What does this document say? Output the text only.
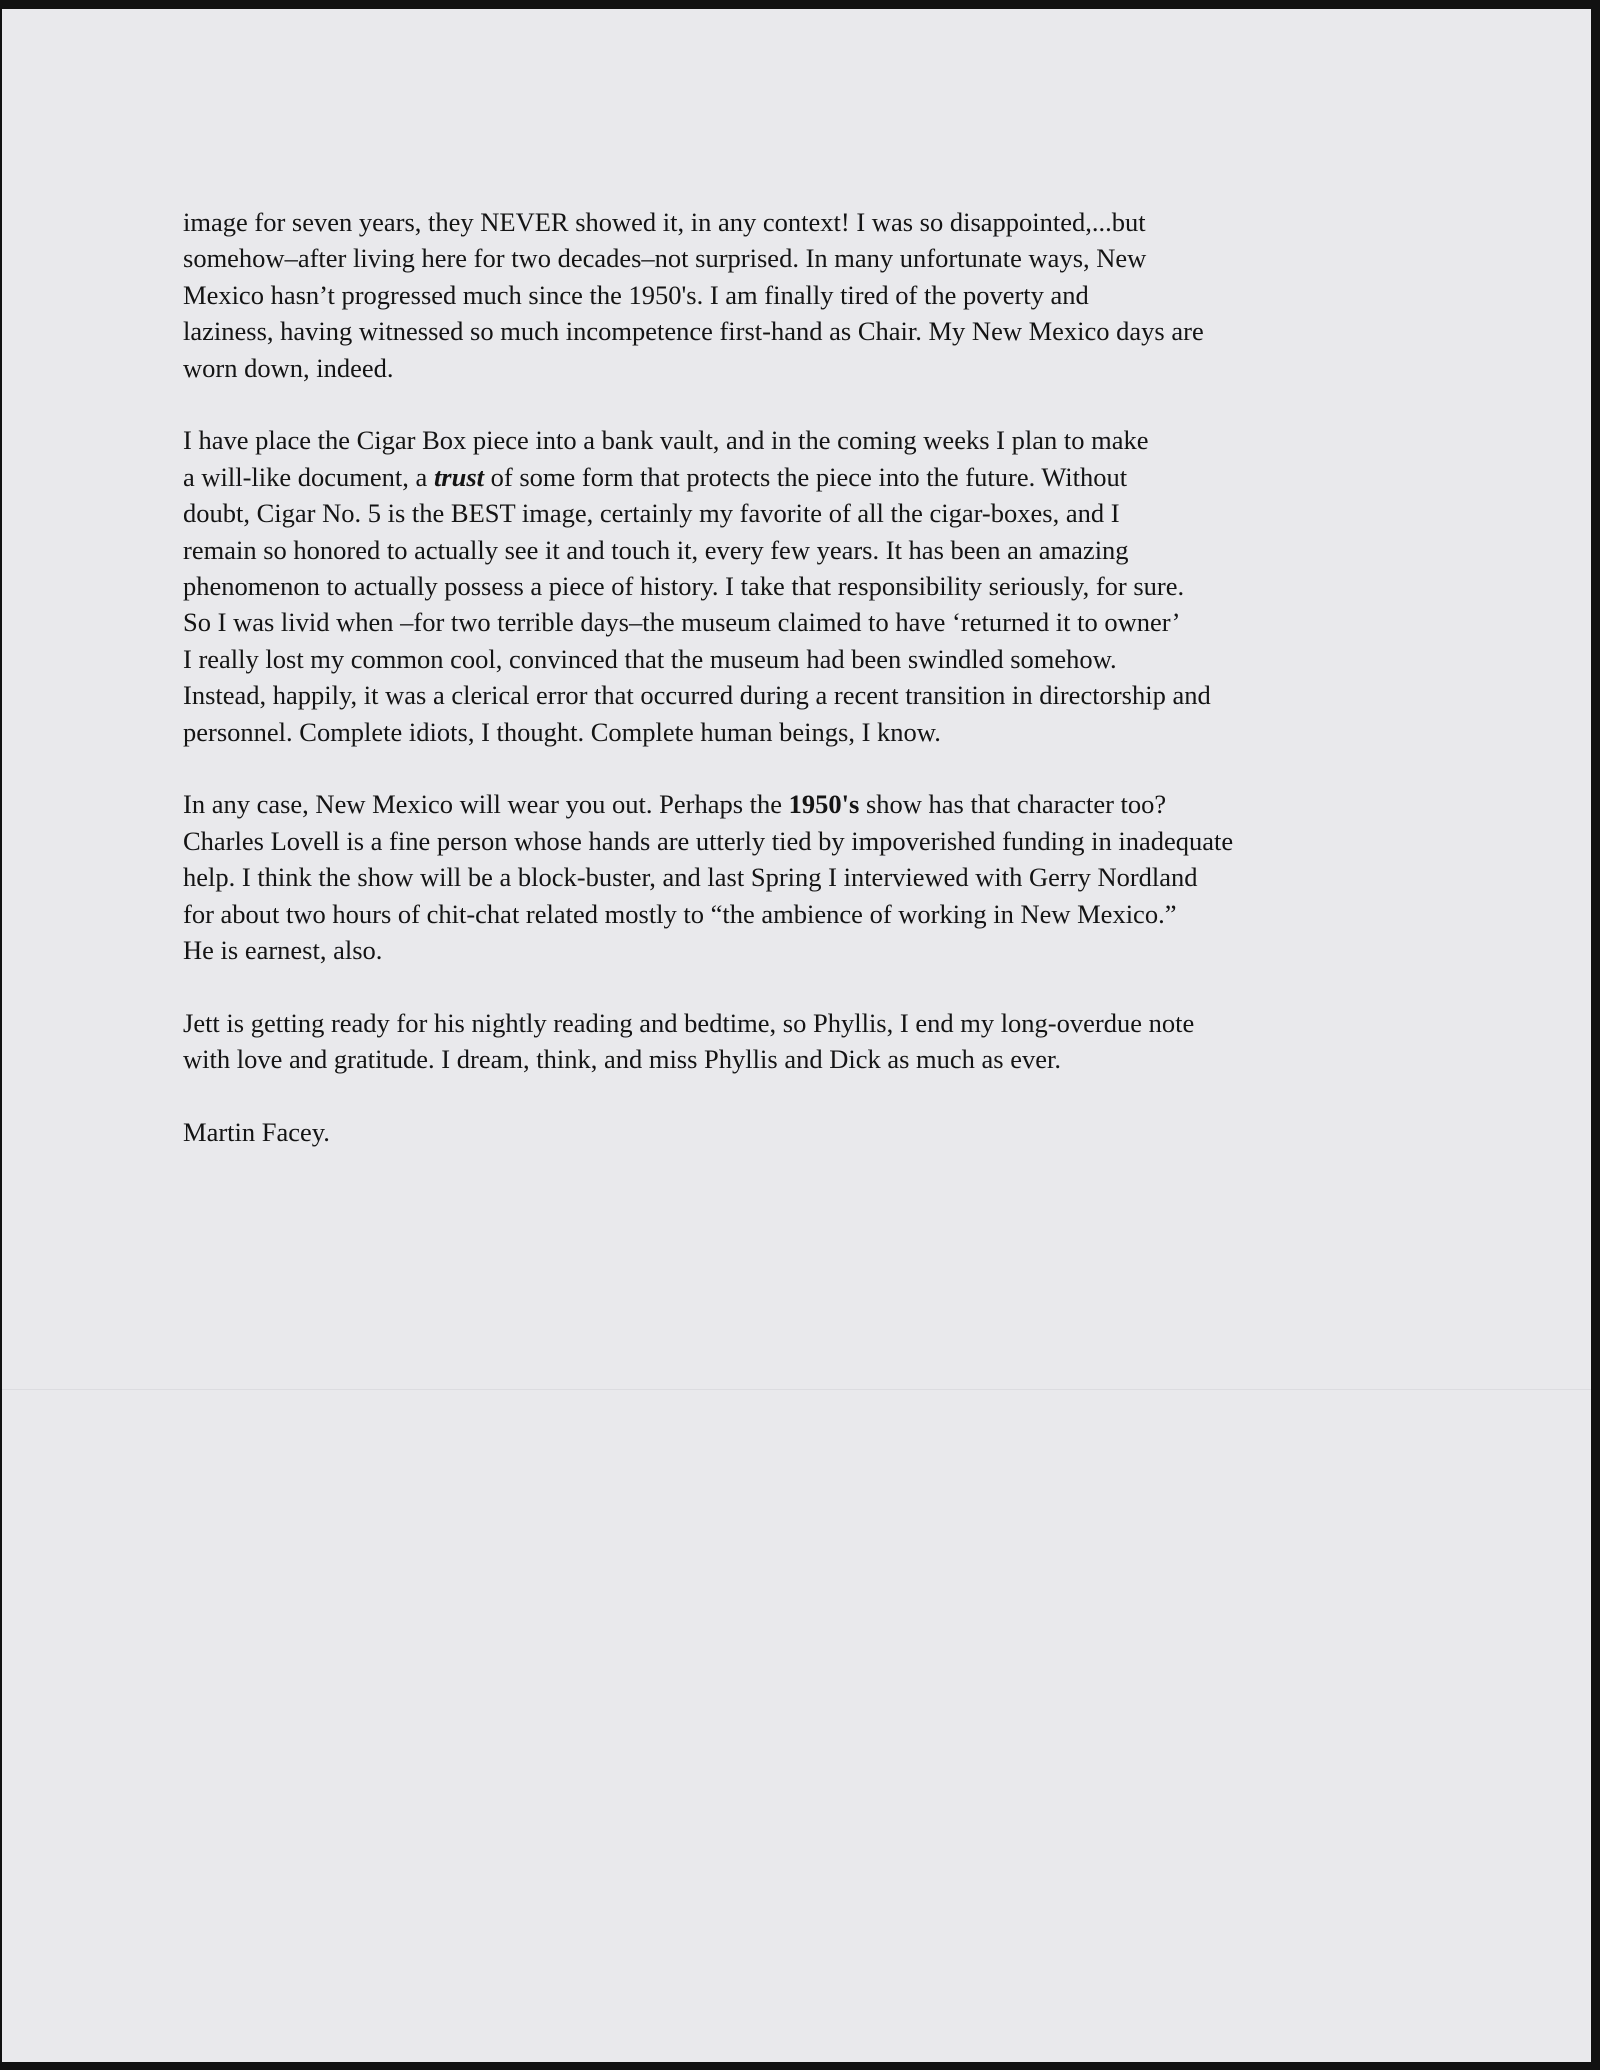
image for seven years, they NEVER showed it, in any context! I was so disappointed,...but
somehow–after living here for two decades–not surprised. In many unfortunate ways, New
Mexico hasn’t progressed much since the 1950's. I am finally tired of the poverty and
laziness, having witnessed so much incompetence first-hand as Chair. My New Mexico days are
worn down, indeed.
I have place the Cigar Box piece into a bank vault, and in the coming weeks I plan to make
a will-like document, a trust of some form that protects the piece into the future. Without
doubt, Cigar No. 5 is the BEST image, certainly my favorite of all the cigar-boxes, and I
remain so honored to actually see it and touch it, every few years. It has been an amazing
phenomenon to actually possess a piece of history. I take that responsibility seriously, for sure.
So I was livid when –for two terrible days–the museum claimed to have ‘returned it to owner’
I really lost my common cool, convinced that the museum had been swindled somehow.
Instead, happily, it was a clerical error that occurred during a recent transition in directorship and
personnel. Complete idiots, I thought. Complete human beings, I know.
In any case, New Mexico will wear you out. Perhaps the 1950's show has that character too?
Charles Lovell is a fine person whose hands are utterly tied by impoverished funding in inadequate
help. I think the show will be a block-buster, and last Spring I interviewed with Gerry Nordland
for about two hours of chit-chat related mostly to “the ambience of working in New Mexico.”
He is earnest, also.
Jett is getting ready for his nightly reading and bedtime, so Phyllis, I end my long-overdue note
with love and gratitude. I dream, think, and miss Phyllis and Dick as much as ever.
Martin Facey.
